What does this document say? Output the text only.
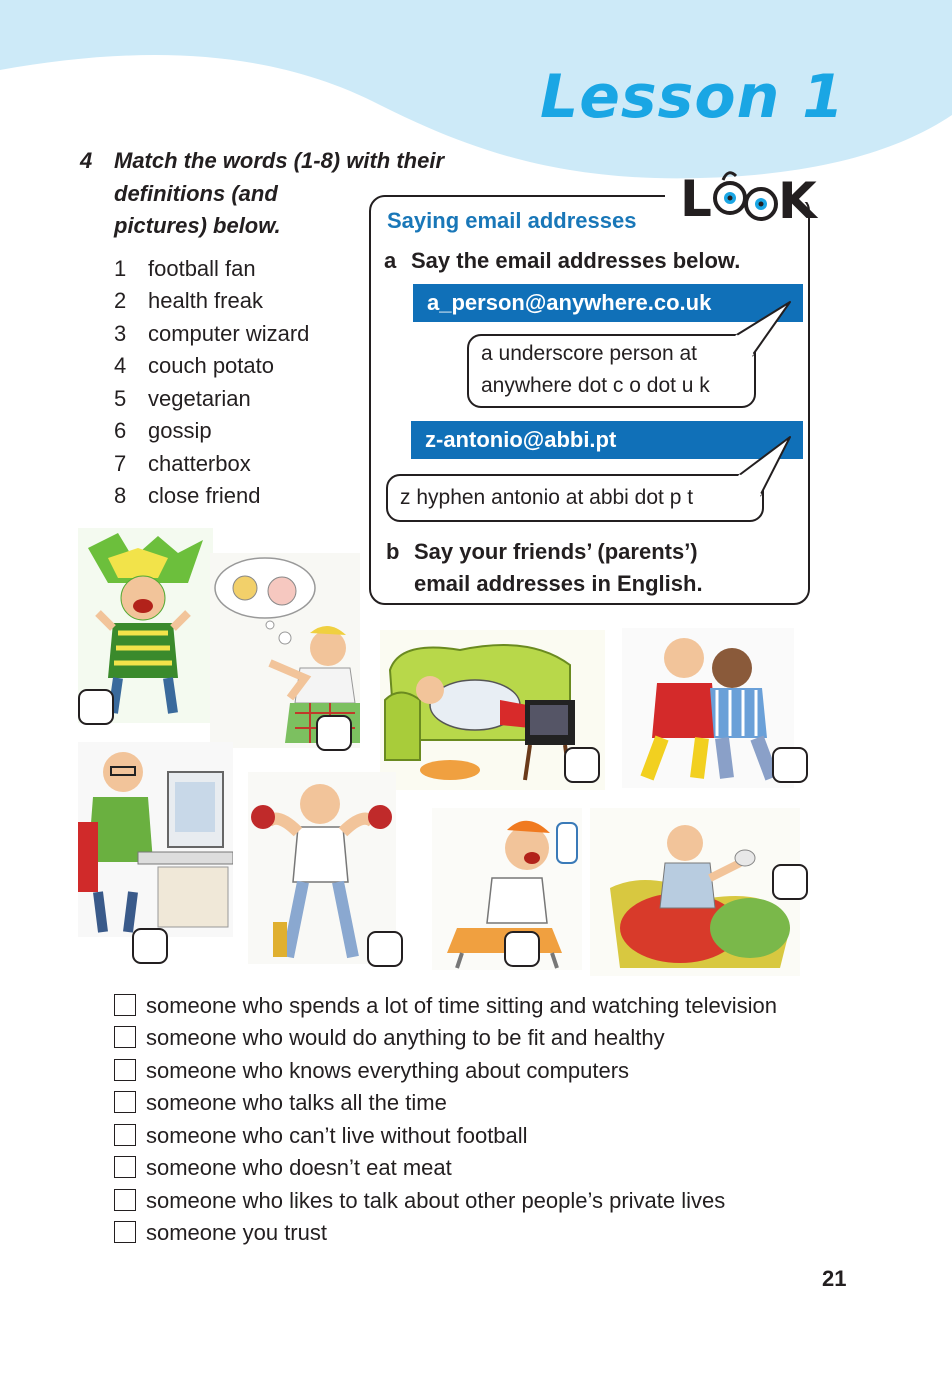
Lesson 1
4 Match the words (1-8) with their
definitions (and
pictures) below.
1 football fan
2 health freak
3 computer wizard
4 couch potato
5 vegetarian
6 gossip
7 chatterbox
8 close friend
L K
Saying email addresses
a Say the email addresses below.
a_person@anywhere.co.uk
a underscore person at
anywhere dot c o dot u k
z-antonio@abbi.pt
z hyphen antonio at abbi dot p t
b Say your friends’ (parents’)
email addresses in English.
someone who spends a lot of time sitting and watching television
someone who would do anything to be fit and healthy
someone who knows everything about computers
someone who talks all the time
someone who can’t live without football
someone who doesn’t eat meat
someone who likes to talk about other people’s private lives
someone you trust
21
